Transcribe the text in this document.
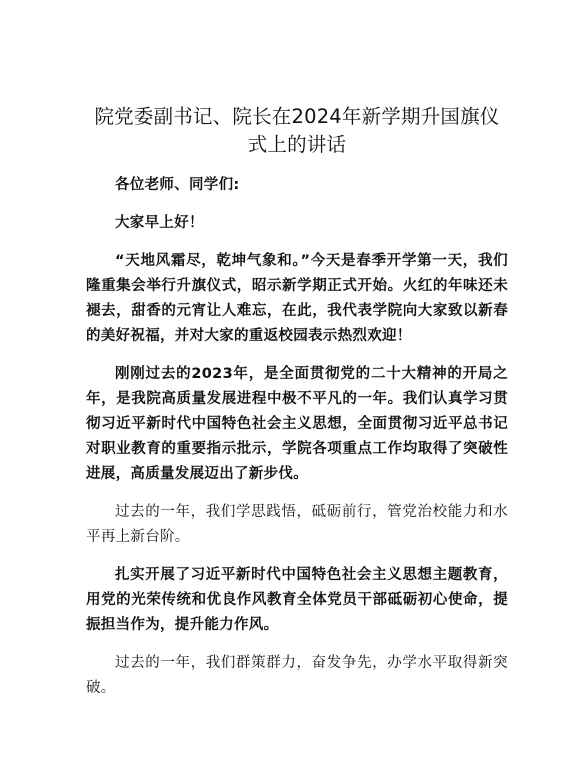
院党委副书记、院长在2024年新学期升国旗仪式上的讲话

各位老师、同学们:

大家早上好！

“天地风霜尽，乾坤气象和。”今天是春季开学第一天，我们隆重集会举行升旗仪式，昭示新学期正式开始。火红的年味还未褪去，甜香的元宵让人难忘，在此，我代表学院向大家致以新春的美好祝福，并对大家的重返校园表示热烈欢迎！

刚刚过去的2023年，是全面贯彻党的二十大精神的开局之年，是我院高质量发展进程中极不平凡的一年。我们认真学习贯彻习近平新时代中国特色社会主义思想，全面贯彻习近平总书记对职业教育的重要指示批示，学院各项重点工作均取得了突破性进展，高质量发展迈出了新步伐。

过去的一年，我们学思践悟，砥砺前行，管党治校能力和水平再上新台阶。

扎实开展了习近平新时代中国特色社会主义思想主题教育，用党的光荣传统和优良作风教育全体党员干部砥砺初心使命，提振担当作为，提升能力作风。

过去的一年，我们群策群力，奋发争先，办学水平取得新突破。
